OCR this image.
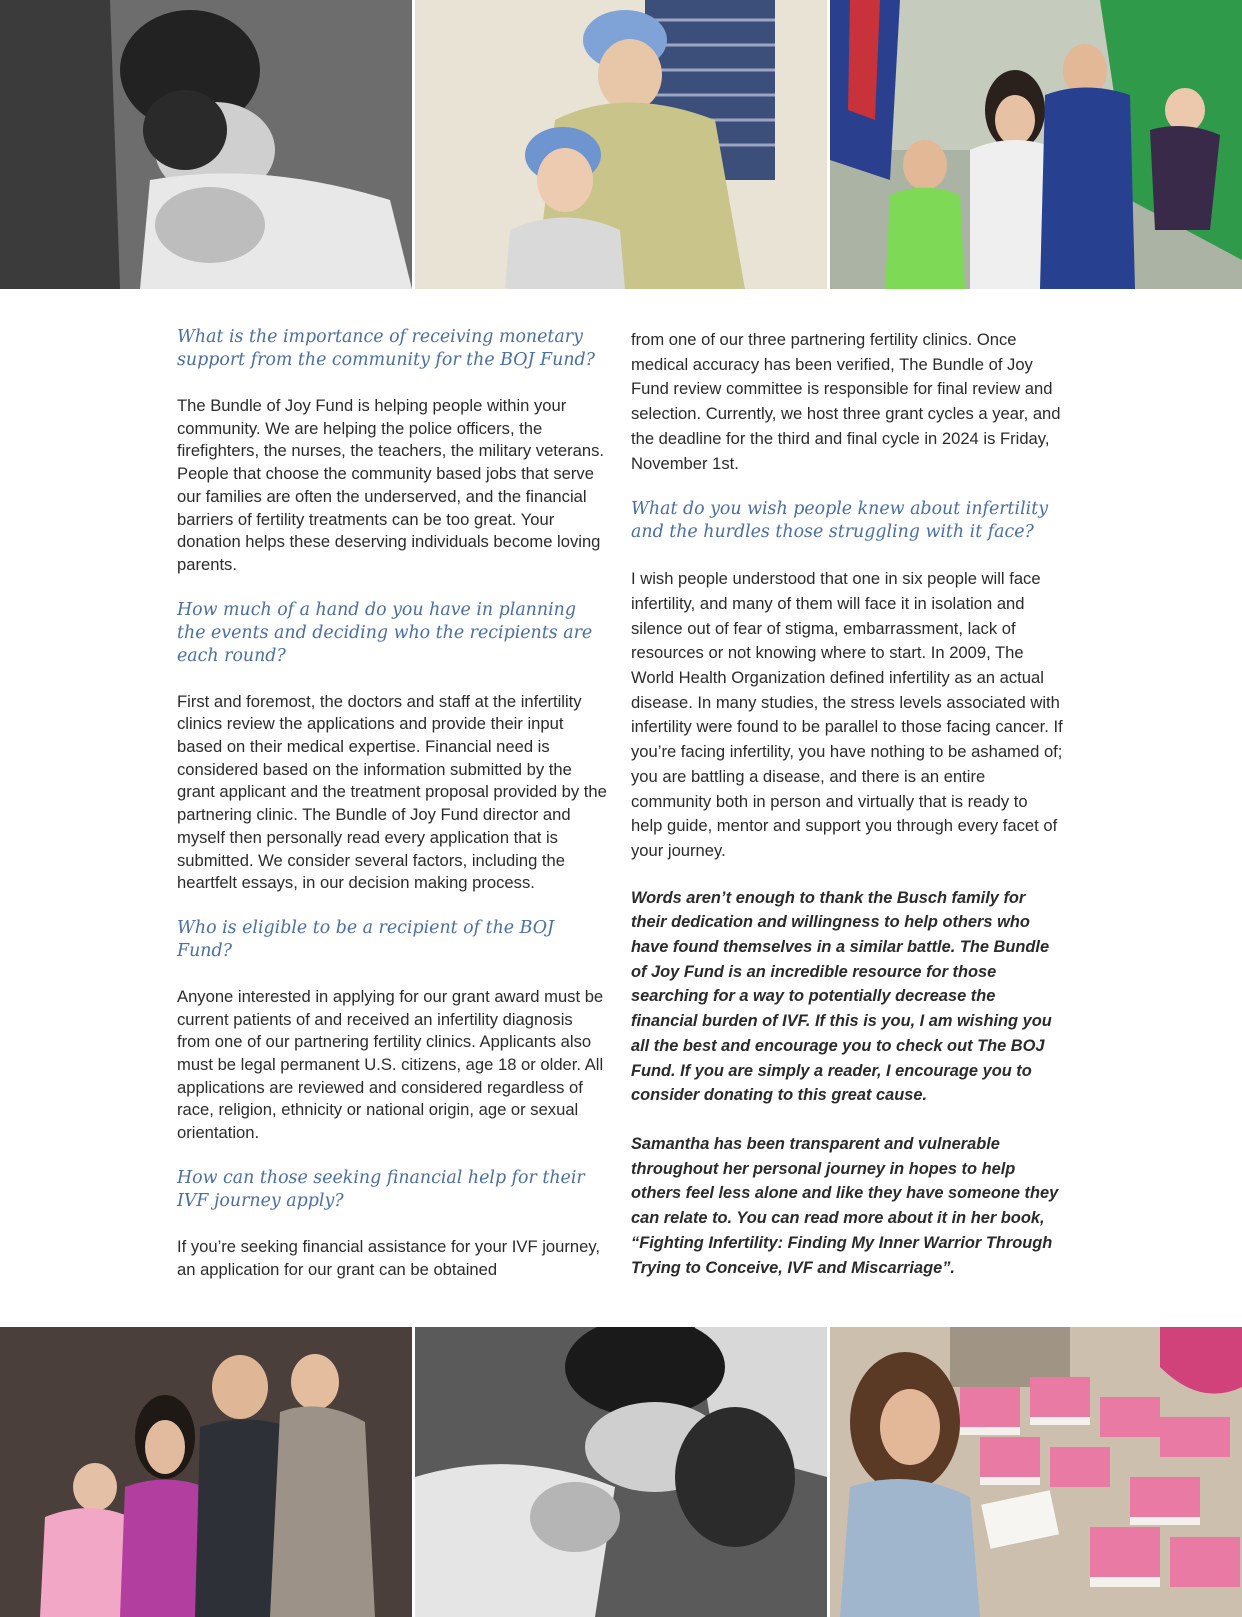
What is the importance of receiving monetary support from the community for the BOJ Fund?

The Bundle of Joy Fund is helping people within your community. We are helping the police officers, the firefighters, the nurses, the teachers, the military veterans. People that choose the community based jobs that serve our families are often the underserved, and the financial barriers of fertility treatments can be too great. Your donation helps these deserving individuals become loving parents.

How much of a hand do you have in planning the events and deciding who the recipients are each round?

First and foremost, the doctors and staff at the infertility clinics review the applications and provide their input based on their medical expertise. Financial need is considered based on the information submitted by the grant applicant and the treatment proposal provided by the partnering clinic. The Bundle of Joy Fund director and myself then personally read every application that is submitted. We consider several factors, including the heartfelt essays, in our decision making process.

Who is eligible to be a recipient of the BOJ Fund?

Anyone interested in applying for our grant award must be current patients of and received an infertility diagnosis from one of our partnering fertility clinics. Applicants also must be legal permanent U.S. citizens, age 18 or older. All applications are reviewed and considered regardless of race, religion, ethnicity or national origin, age or sexual orientation.

How can those seeking financial help for their IVF journey apply?

If you’re seeking financial assistance for your IVF journey, an application for our grant can be obtained

from one of our three partnering fertility clinics. Once medical accuracy has been verified, The Bundle of Joy Fund review committee is responsible for final review and selection. Currently, we host three grant cycles a year, and the deadline for the third and final cycle in 2024 is Friday, November 1st.

What do you wish people knew about infertility and the hurdles those struggling with it face?

I wish people understood that one in six people will face infertility, and many of them will face it in isolation and silence out of fear of stigma, embarrassment, lack of resources or not knowing where to start. In 2009, The World Health Organization defined infertility as an actual disease. In many studies, the stress levels associated with infertility were found to be parallel to those facing cancer. If you’re facing infertility, you have nothing to be ashamed of; you are battling a disease, and there is an entire community both in person and virtually that is ready to help guide, mentor and support you through every facet of your journey.

Words aren’t enough to thank the Busch family for their dedication and willingness to help others who have found themselves in a similar battle. The Bundle of Joy Fund is an incredible resource for those searching for a way to potentially decrease the financial burden of IVF. If this is you, I am wishing you all the best and encourage you to check out The BOJ Fund. If you are simply a reader, I encourage you to consider donating to this great cause.

Samantha has been transparent and vulnerable throughout her personal journey in hopes to help others feel less alone and like they have someone they can relate to. You can read more about it in her book, “Fighting Infertility: Finding My Inner Warrior Through Trying to Conceive, IVF and Miscarriage”.
